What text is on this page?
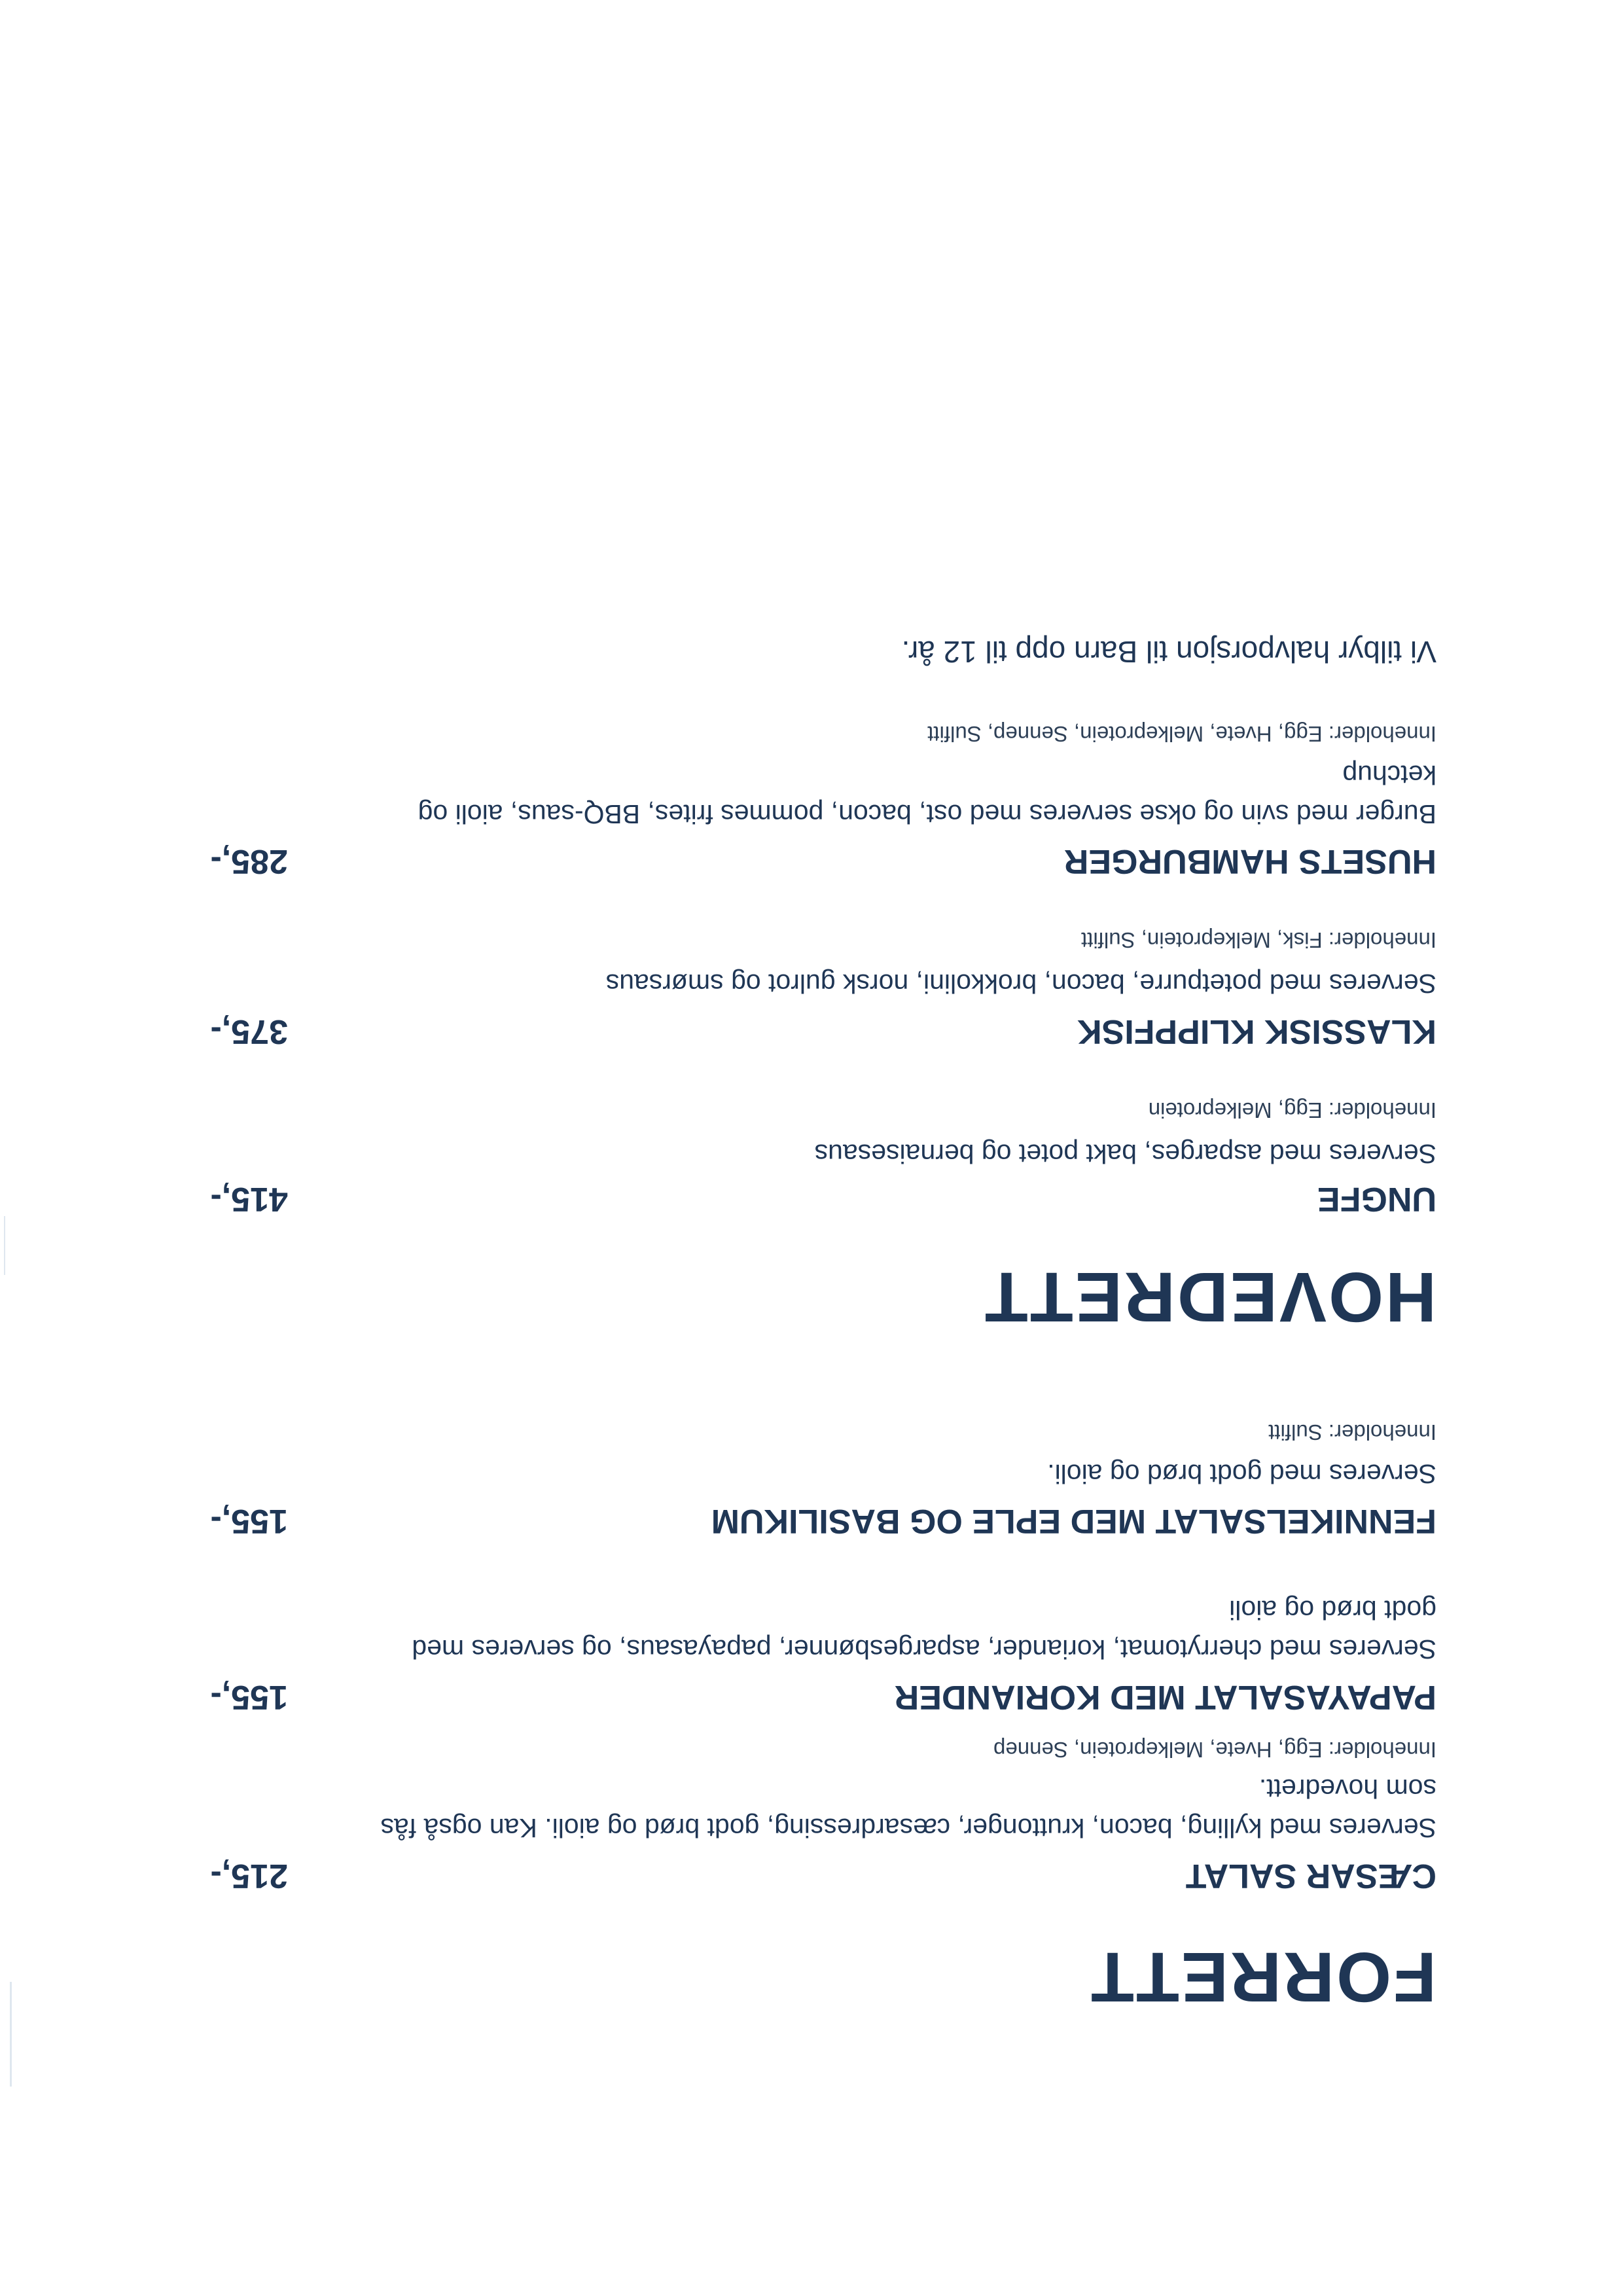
FORRETT
CÆSAR SALAT
215,-

Serveres med kylling, bacon, kruttonger, cæsardressing, godt brød og aioli. Kan også fås som hovedrett.

Inneholder: Egg, Hvete, Melkeprotein, Sennep
PAPAYASALAT MED KORIANDER
155,-

Serveres med cherrytomat, koriander, aspargesbønner, papayasaus, og serveres med godt brød og aioli

FENNIKELSALAT MED EPLE OG BASILIKUM
155,-

Serveres med godt brød og aioli.

Inneholder: Sulfitt
HOVEDRETT
UNGFE
415,-

Serveres med asparges, bakt potet og bernaisesaus

Inneholder: Egg, Melkeprotein
KLASSISK KLIPPFISK
375,-

Serveres med potetpurre, bacon, brokkolini, norsk gulrot og smørsaus

Inneholder: Fisk, Melkeprotein, Sulfitt
HUSETS HAMBURGER
285,-

Burger med svin og okse serveres med ost, bacon, pommes frites, BBQ-saus, aioli og ketchup

Inneholder: Egg, Hvete, Melkeprotein, Sennep, Sulfitt
Vi tilbyr halvporsjon til Barn opp til 12 år.
